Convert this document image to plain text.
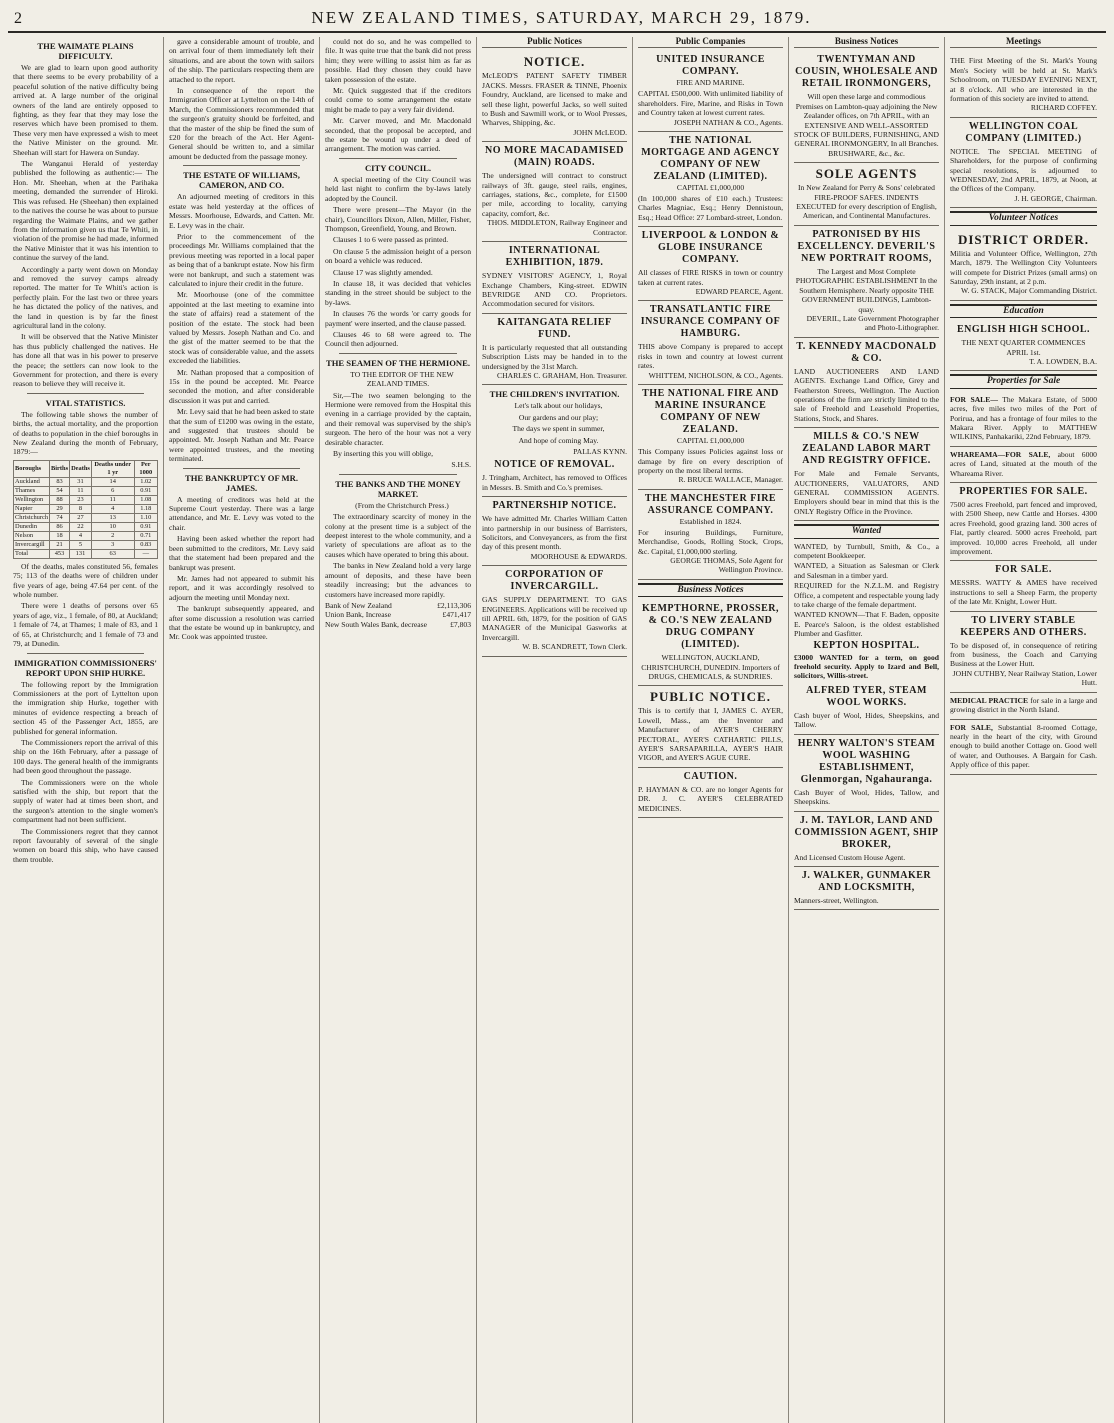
2	NEW ZEALAND TIMES, SATURDAY, MARCH 29, 1879.
THE WAIMATE PLAINS DIFFICULTY.

We are glad to learn upon good authority that there seems to be every probability of a peaceful solution of the native difficulty being arrived at. A large number of the original owners of the land are entirely opposed to fighting, as they fear that they may lose the reserves which have been promised to them. These very men have expressed a wish to meet the Native Minister on the ground. Mr. Sheehan will start for Hawera on Sunday.

The Wanganui Herald of yesterday published the following as authentic:— The Hon. Mr. Sheehan, when at the Parihaka meeting, demanded the surrender of Hiroki. This was refused. He (Sheehan) then explained to the natives the course he was about to pursue regarding the Waimate Plains, and we gather from the information given us that Te Whiti, in violation of the promise he had made, informed the Native Minister that it was his intention to continue the survey of the land.

Accordingly a party went down on Monday and removed the survey camps already reported. The matter for Te Whiti's action is perfectly plain. For the last two or three years he has dictated the policy of the natives, and the land in question is by far the finest agricultural land in the colony.

It will be observed that the Native Minister has thus publicly challenged the natives. He has done all that was in his power to preserve the peace; the settlers can now look to the Government for protection, and there is every reason to believe they will receive it.

VITAL STATISTICS.

The following table shows the number of births, the actual mortality, and the proportion of deaths to population in the chief boroughs in New Zealand during the month of February, 1879:—

Boroughs	Births	Deaths	Deaths under 1 yr	Per 1000
Auckland	83	31	14	1.02
Thames	54	11	6	0.91
Wellington	88	23	11	1.08
Napier	29	8	4	1.18
Christchurch	74	27	13	1.10
Dunedin	86	22	10	0.91
Nelson	18	4	2	0.71
Invercargill	21	5	3	0.83
Total	453	131	63	—

Of the deaths, males constituted 56, females 75; 113 of the deaths were of children under five years of age, being 47.64 per cent. of the whole number.

There were 1 deaths of persons over 65 years of age, viz., 1 female, of 80, at Auckland; 1 female of 74, at Thames; 1 male of 83, and 1 of 65, at Christchurch; and 1 female of 73 and 79, at Dunedin.

IMMIGRATION COMMISSIONERS' REPORT UPON SHIP HURKE.

The following report by the Immigration Commissioners at the port of Lyttelton upon the immigration ship Hurke, together with minutes of evidence respecting a breach of section 45 of the Passenger Act, 1855, are published for general information.

The Commissioners report the arrival of this ship on the 16th February, after a passage of 100 days. The general health of the immigrants had been good throughout the passage.

The Commissioners were on the whole satisfied with the ship, but report that the supply of water had at times been short, and the surgeon's attention to the single women's compartment had not been sufficient.

The Commissioners regret that they cannot report favourably of several of the single women on board this ship, who have caused them trouble.

gave a considerable amount of trouble, and on arrival four of them immediately left their situations, and are about the town with sailors of the ship. The particulars respecting them are attached to the report.

In consequence of the report the Immigration Officer at Lyttelton on the 14th of March, the Commissioners recommended that the surgeon's gratuity should be forfeited, and that the master of the ship be fined the sum of £20 for the breach of the Act. Her Agent-General should be written to, and a similar amount be deducted from the passage money.

THE ESTATE OF WILLIAMS, CAMERON, AND CO.

An adjourned meeting of creditors in this estate was held yesterday at the offices of Messrs. Moorhouse, Edwards, and Catten. Mr. E. Levy was in the chair.

Prior to the commencement of the proceedings Mr. Williams complained that the previous meeting was reported in a local paper as being that of a bankrupt estate. Now his firm were not bankrupt, and such a statement was calculated to injure their credit in the future.

Mr. Moorhouse (one of the committee appointed at the last meeting to examine into the state of affairs) read a statement of the position of the estate. The stock had been valued by Messrs. Joseph Nathan and Co. and the gist of the matter seemed to be that the stock was of considerable value, and the assets exceeded the liabilities.

Mr. Nathan proposed that a composition of 15s in the pound be accepted. Mr. Pearce seconded the motion, and after considerable discussion it was put and carried.

Mr. Levy said that he had been asked to state that the sum of £1200 was owing in the estate, and suggested that trustees should be appointed. Mr. Joseph Nathan and Mr. Pearce were appointed trustees, and the meeting terminated.

THE BANKRUPTCY OF MR. JAMES.

A meeting of creditors was held at the Supreme Court yesterday. There was a large attendance, and Mr. E. Levy was voted to the chair.

Having been asked whether the report had been submitted to the creditors, Mr. Levy said that the statement had been prepared and the bankrupt was present.

Mr. James had not appeared to submit his report, and it was accordingly resolved to adjourn the meeting until Monday next.

The bankrupt subsequently appeared, and after some discussion a resolution was carried that the estate be wound up in bankruptcy, and Mr. Cook was appointed trustee.

could not do so, and he was compelled to file. It was quite true that the bank did not press him; they were willing to assist him as far as possible. Had they chosen they could have taken possession of the estate.

Mr. Quick suggested that if the creditors could come to some arrangement the estate might be made to pay a very fair dividend.

Mr. Carver moved, and Mr. Macdonald seconded, that the proposal be accepted, and the estate be wound up under a deed of arrangement. The motion was carried.

CITY COUNCIL.

A special meeting of the City Council was held last night to confirm the by-laws lately adopted by the Council.

There were present—The Mayor (in the chair), Councillors Dixon, Allen, Miller, Fisher, Thompson, Greenfield, Young, and Brown.

Clauses 1 to 6 were passed as printed.

On clause 5 the admission height of a person on board a vehicle was reduced.

Clause 17 was slightly amended.

In clause 18, it was decided that vehicles standing in the street should be subject to the by-laws.

In clauses 76 the words 'or carry goods for payment' were inserted, and the clause passed.

Clauses 46 to 68 were agreed to. The Council then adjourned.

THE SEAMEN OF THE HERMIONE.

TO THE EDITOR OF THE NEW ZEALAND TIMES.

Sir,—The two seamen belonging to the Hermione were removed from the Hospital this evening in a carriage provided by the captain, and their removal was supervised by the ship's surgeon. The hero of the hour was not a very desirable character.

By inserting this you will oblige,

S.H.S.

THE BANKS AND THE MONEY MARKET.

(From the Christchurch Press.)

The extraordinary scarcity of money in the colony at the present time is a subject of the deepest interest to the whole community, and a variety of speculations are afloat as to the causes which have operated to bring this about.

The banks in New Zealand hold a very large amount of deposits, and these have been steadily increasing; but the advances to customers have increased more rapidly.

Bank of New Zealand	£2,113,306
Union Bank, Increase	£471,417
New South Wales Bank, decrease	£7,803
Public Notices
NOTICE.
McLEOD'S PATENT SAFETY TIMBER JACKS. Messrs. FRASER & TINNE, Phoenix Foundry, Auckland, are licensed to make and sell these light, powerful Jacks, so well suited to Bush and Sawmill work, or to Wool Presses, Wharves, Shipping, &c.
JOHN McLEOD.
NO MORE MACADAMISED (MAIN) ROADS.
The undersigned will contract to construct railways of 3ft. gauge, steel rails, engines, carriages, stations, &c., complete, for £1500 per mile, according to locality, carrying capacity, comfort, &c.
THOS. MIDDLETON, Railway Engineer and Contractor.
INTERNATIONAL EXHIBITION, 1879.
SYDNEY VISITORS' AGENCY, 1, Royal Exchange Chambers, King-street. EDWIN BEVRIDGE AND CO. Proprietors. Accommodation secured for visitors.
KAITANGATA RELIEF FUND.
It is particularly requested that all outstanding Subscription Lists may be handed in to the undersigned by the 31st March.
CHARLES C. GRAHAM, Hon. Treasurer.
THE CHILDREN'S INVITATION.

Let's talk about our holidays,

Our gardens and our play;

The days we spent in summer,

And hope of coming May.

PALLAS KYNN.
NOTICE OF REMOVAL.
J. Tringham, Architect, has removed to Offices in Messrs. B. Smith and Co.'s premises.
PARTNERSHIP NOTICE.
We have admitted Mr. Charles William Catten into partnership in our business of Barristers, Solicitors, and Conveyancers, as from the first day of this present month.
MOORHOUSE & EDWARDS.
CORPORATION OF INVERCARGILL.
GAS SUPPLY DEPARTMENT. TO GAS ENGINEERS. Applications will be received up till APRIL 6th, 1879, for the position of GAS MANAGER of the Municipal Gasworks at Invercargill.
W. B. SCANDRETT, Town Clerk.
Public Companies
UNITED INSURANCE COMPANY.
FIRE AND MARINE.
CAPITAL £500,000. With unlimited liability of shareholders. Fire, Marine, and Risks in Town and Country taken at lowest current rates.
JOSEPH NATHAN & CO., Agents.
THE NATIONAL MORTGAGE AND AGENCY COMPANY OF NEW ZEALAND (LIMITED).
CAPITAL £1,000,000
(In 100,000 shares of £10 each.) Trustees: Charles Magniac, Esq.; Henry Dennistoun, Esq.; Head Office: 27 Lombard-street, London.
LIVERPOOL & LONDON & GLOBE INSURANCE COMPANY.
All classes of FIRE RISKS in town or country taken at current rates.
EDWARD PEARCE, Agent.
TRANSATLANTIC FIRE INSURANCE COMPANY OF HAMBURG.
THIS above Company is prepared to accept risks in town and country at lowest current rates.
WHITTEM, NICHOLSON, & CO., Agents.
THE NATIONAL FIRE AND MARINE INSURANCE COMPANY OF NEW ZEALAND.
CAPITAL £1,000,000
This Company issues Policies against loss or damage by fire on every description of property on the most liberal terms.
R. BRUCE WALLACE, Manager.
THE MANCHESTER FIRE ASSURANCE COMPANY.
Established in 1824.
For insuring Buildings, Furniture, Merchandise, Goods, Rolling Stock, Crops, &c. Capital, £1,000,000 sterling.
GEORGE THOMAS, Sole Agent for Wellington Province.
Business Notices
KEMPTHORNE, PROSSER, & CO.'S NEW ZEALAND DRUG COMPANY (LIMITED).
WELLINGTON, AUCKLAND, CHRISTCHURCH, DUNEDIN. Importers of DRUGS, CHEMICALS, & SUNDRIES.
PUBLIC NOTICE.
This is to certify that I, JAMES C. AYER, Lowell, Mass., am the Inventor and Manufacturer of AYER'S CHERRY PECTORAL, AYER'S CATHARTIC PILLS, AYER'S SARSAPARILLA, AYER'S HAIR VIGOR, and AYER'S AGUE CURE.
CAUTION.
P. HAYMAN & CO. are no longer Agents for DR. J. C. AYER'S CELEBRATED MEDICINES.
Business Notices
TWENTYMAN AND COUSIN, WHOLESALE AND RETAIL IRONMONGERS,
Will open these large and commodious Premises on Lambton-quay adjoining the New Zealander offices, on 7th APRIL, with an EXTENSIVE AND WELL-ASSORTED STOCK OF BUILDERS, FURNISHING, AND GENERAL IRONMONGERY, In all Branches. BRUSHWARE, &c., &c.
SOLE AGENTS
In New Zealand for Perry & Sons' celebrated FIRE-PROOF SAFES. INDENTS EXECUTED for every description of English, American, and Continental Manufactures.
PATRONISED BY HIS EXCELLENCY. DEVERIL'S NEW PORTRAIT ROOMS,
The Largest and Most Complete PHOTOGRAPHIC ESTABLISHMENT In the Southern Hemisphere. Nearly opposite THE GOVERNMENT BUILDINGS, Lambton-quay.
DEVERIL, Late Government Photographer and Photo-Lithographer.
T. KENNEDY MACDONALD & CO.
LAND AUCTIONEERS AND LAND AGENTS. Exchange Land Office, Grey and Featherston Streets, Wellington. The Auction operations of the firm are strictly limited to the sale of Freehold and Leasehold Properties, Stations, Stock, and Shares.
MILLS & CO.'S NEW ZEALAND LABOR MART AND REGISTRY OFFICE.
For Male and Female Servants, AUCTIONEERS, VALUATORS, AND GENERAL COMMISSION AGENTS. Employers should bear in mind that this is the ONLY Registry Office in the Province.
Wanted

WANTED, by Turnbull, Smith, & Co., a competent Bookkeeper.

WANTED, a Situation as Salesman or Clerk and Salesman in a timber yard.

REQUIRED for the N.Z.L.M. and Registry Office, a competent and respectable young lady to take charge of the female department.

WANTED KNOWN—That F. Baden, opposite E. Pearce's Saloon, is the oldest established Plumber and Gasfitter.

KEPTON HOSPITAL.

£3000 WANTED for a term, on good freehold security. Apply to Izard and Bell, solicitors, Willis-street.

ALFRED TYER, STEAM WOOL WORKS.
Cash buyer of Wool, Hides, Sheepskins, and Tallow.
HENRY WALTON'S STEAM WOOL WASHING ESTABLISHMENT, Glenmorgan, Ngahauranga.
Cash Buyer of Wool, Hides, Tallow, and Sheepskins.
J. M. TAYLOR, LAND AND COMMISSION AGENT, SHIP BROKER,
And Licensed Custom House Agent.
J. WALKER, GUNMAKER AND LOCKSMITH,
Manners-street, Wellington.
Meetings
THE First Meeting of the St. Mark's Young Men's Society will be held at St. Mark's Schoolroom, on TUESDAY EVENING NEXT, at 8 o'clock. All who are interested in the formation of this society are invited to attend.
RICHARD COFFEY.
WELLINGTON COAL COMPANY (LIMITED.)
NOTICE. The SPECIAL MEETING of Shareholders, for the purpose of confirming special resolutions, is adjourned to WEDNESDAY, 2nd APRIL, 1879, at Noon, at the Offices of the Company.
J. H. GEORGE, Chairman.
Volunteer Notices
DISTRICT ORDER.
Militia and Volunteer Office, Wellington, 27th March, 1879. The Wellington City Volunteers will compete for District Prizes (small arms) on Saturday, 29th instant, at 2 p.m.
W. G. STACK, Major Commanding District.
Education
ENGLISH HIGH SCHOOL.
THE NEXT QUARTER COMMENCES APRIL 1st.
T. A. LOWDEN, B.A.
Properties for Sale
FOR SALE— The Makara Estate, of 5000 acres, five miles two miles of the Port of Porirua, and has a frontage of four miles to the Makara River. Apply to MATTHEW WILKINS, Panhakariki, 22nd February, 1879.
WHAREAMA—FOR SALE, about 6000 acres of Land, situated at the mouth of the Whareama River.
PROPERTIES FOR SALE.
7500 acres Freehold, part fenced and improved, with 2500 Sheep, new Cattle and Horses. 4300 acres Freehold, good grazing land. 300 acres of Flat, partly cleared. 5000 acres Freehold, part improved. 10,000 acres Freehold, all under improvement.
FOR SALE.
MESSRS. WATTY & AMES have received instructions to sell a Sheep Farm, the property of the late Mr. Knight, Lower Hutt.
TO LIVERY STABLE KEEPERS AND OTHERS.
To be disposed of, in consequence of retiring from business, the Coach and Carrying Business at the Lower Hutt.
JOHN CUTHBY, Near Railway Station, Lower Hutt.
MEDICAL PRACTICE for sale in a large and growing district in the North Island.
FOR SALE, Substantial 8-roomed Cottage, nearly in the heart of the city, with Ground enough to build another Cottage on. Good well of water, and Outhouses. A Bargain for Cash. Apply office of this paper.
